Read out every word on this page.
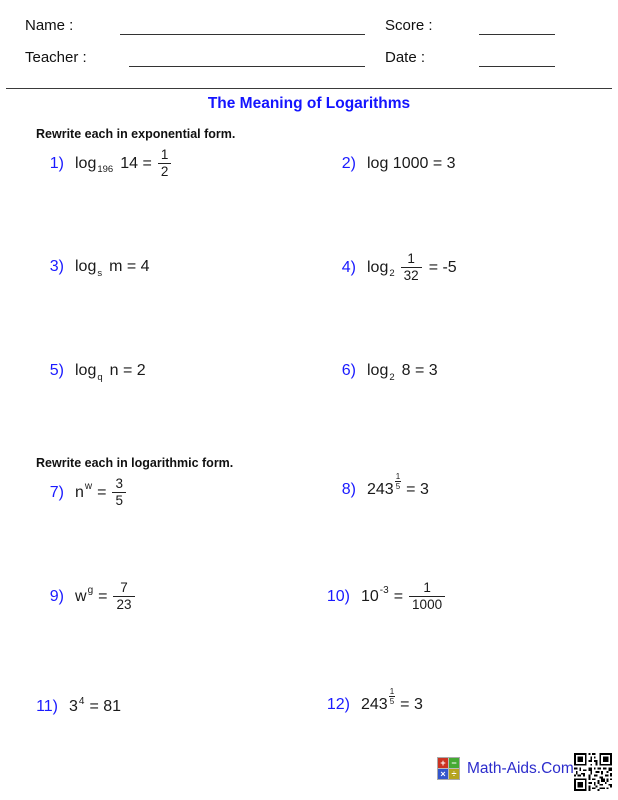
Name :	Score :
Teacher :	Date :
The Meaning of Logarithms
Rewrite each in exponential form.
1) log 196 $14 = \frac{1}{2}$	2) log 1000 = 3
3) log s m = 4	4) $\log 2 \frac{1}{32} = -5$
5) log q n = 2	6) log 2 8 = 3
Rewrite each in logarithmic form.
7) n $w = \frac{3}{5}$	8) $243 \frac{1}{5} = 3$
9) w $g = \frac{7}{23}$	10) 10 $-3 = \frac{1}{1000}$
11) 3 4 = 81	12) $243 \frac{1}{5} = 3$
+ −
× ÷ Math-Aids.Com
